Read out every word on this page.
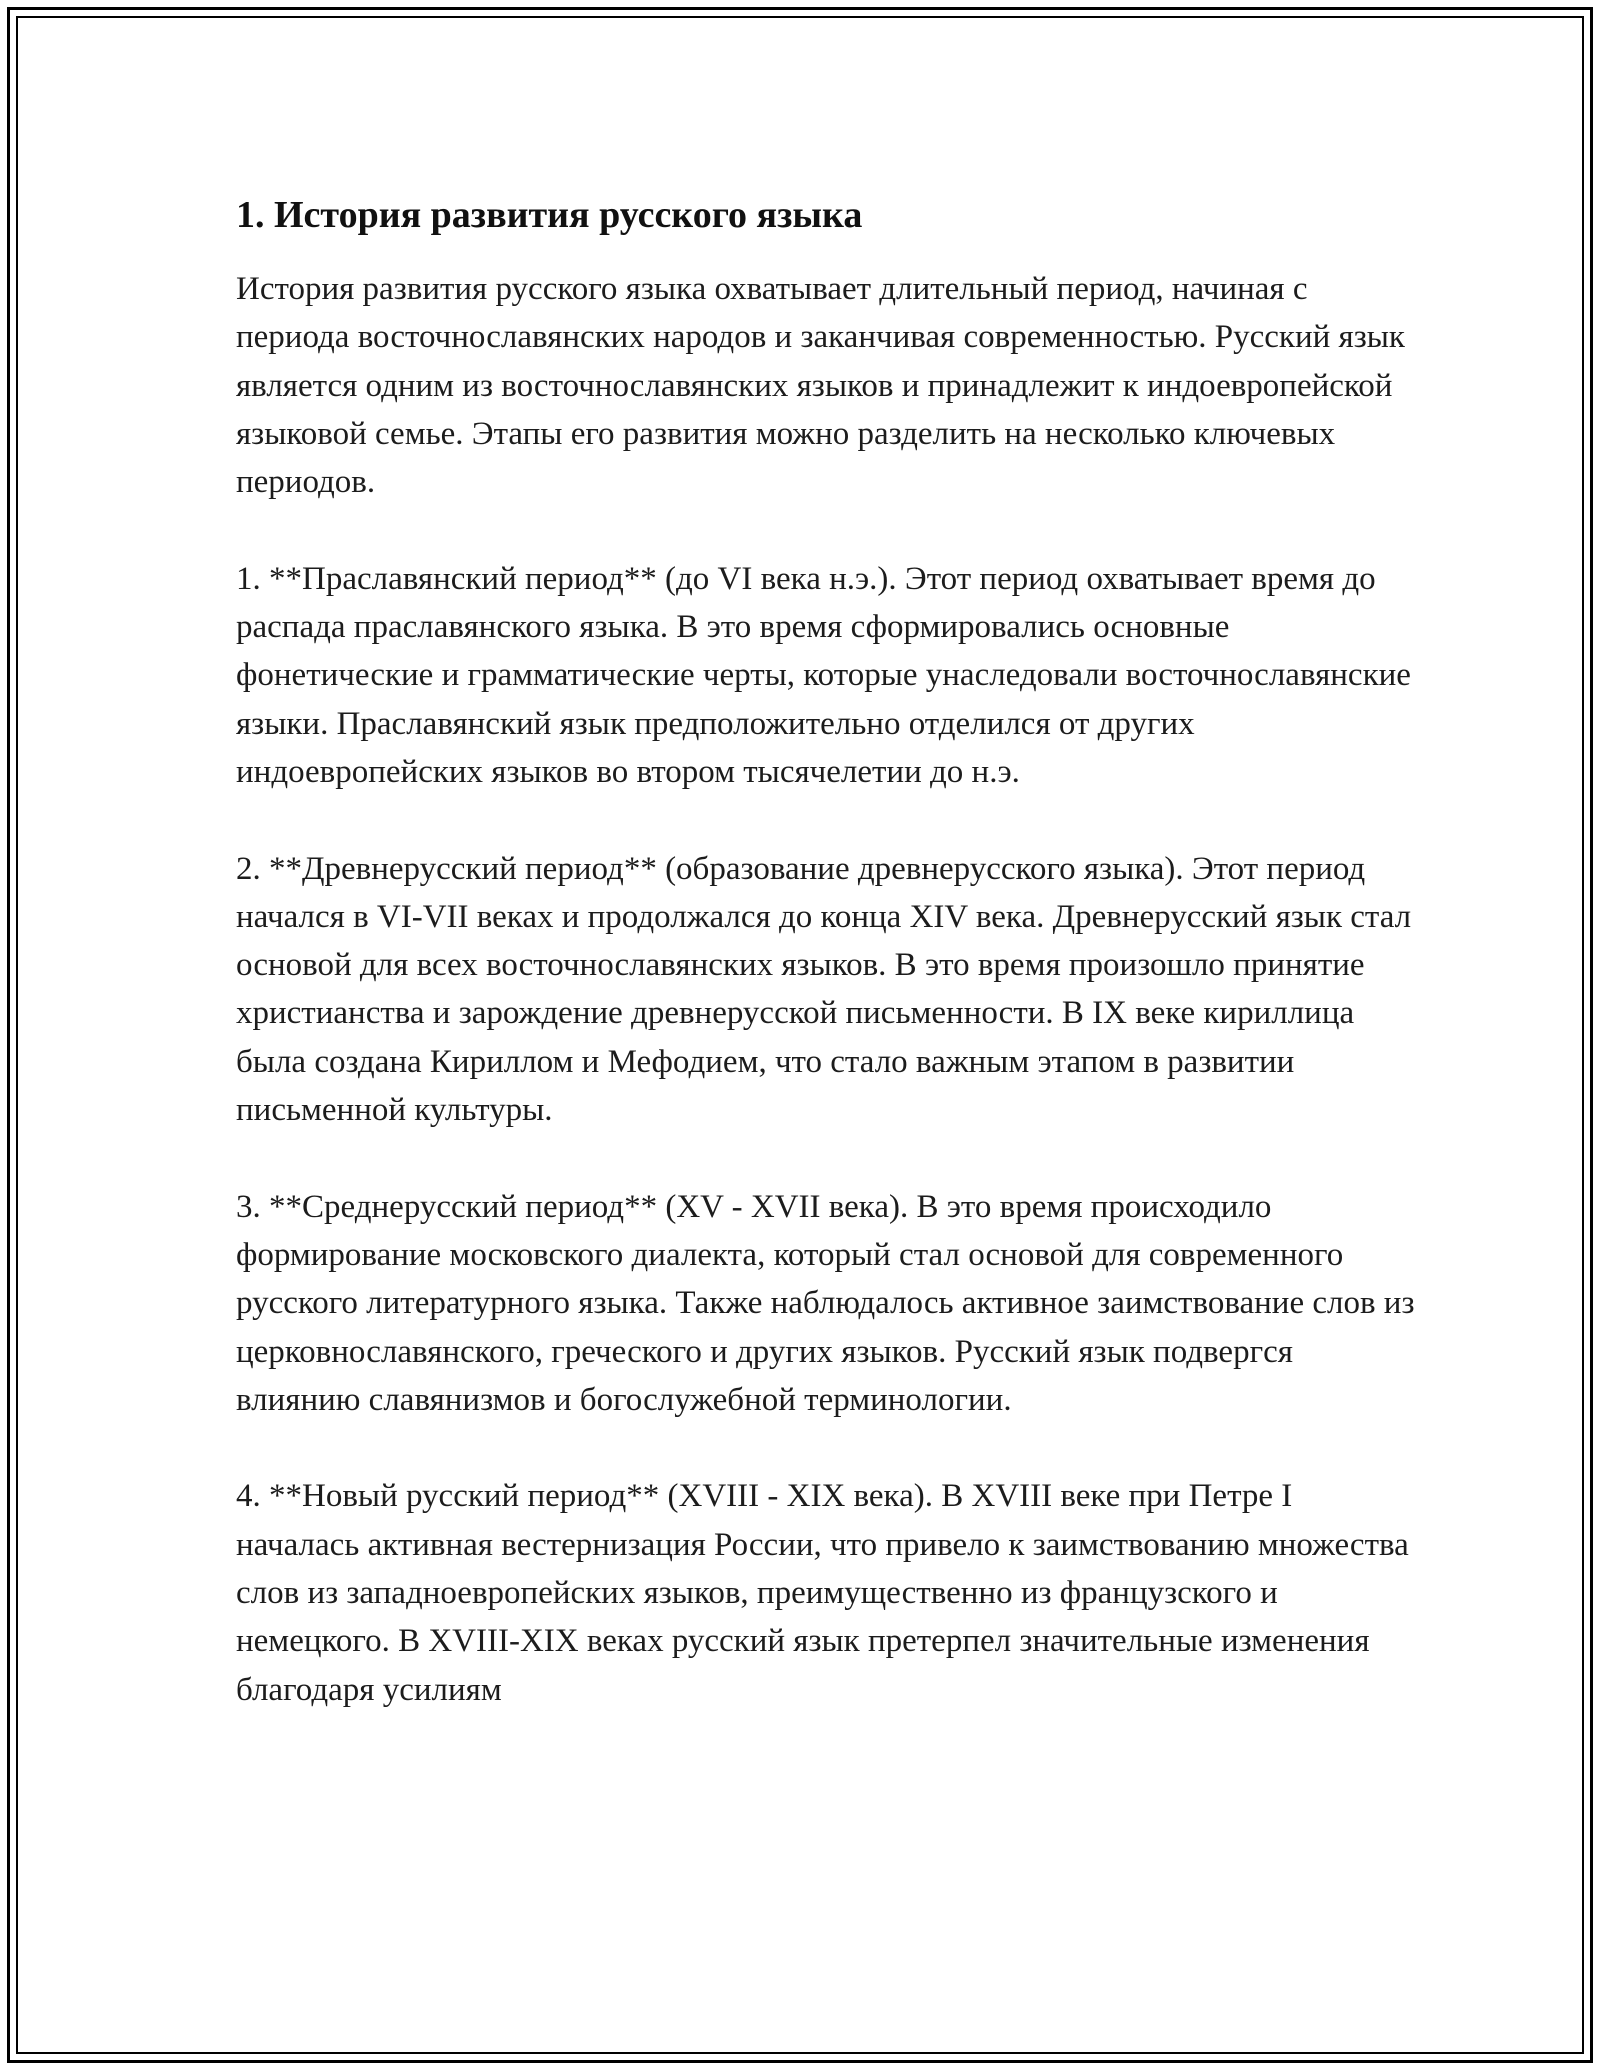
1. История развития русского языка

История развития русского языка охватывает длительный период, начиная с периода восточнославянских народов и заканчивая современностью. Русский язык является одним из восточнославянских языков и принадлежит к индоевропейской языковой семье. Этапы его развития можно разделить на несколько ключевых периодов.

1. **Праславянский период** (до VI века н.э.). Этот период охватывает время до распада праславянского языка. В это время сформировались основные фонетические и грамматические черты, которые унаследовали восточнославянские языки. Праславянский язык предположительно отделился от других индоевропейских языков во втором тысячелетии до н.э.

2. **Древнерусский период** (образование древнерусского языка). Этот период начался в VI-VII веках и продолжался до конца XIV века. Древнерусский язык стал основой для всех восточнославянских языков. В это время произошло принятие христианства и зарождение древнерусской письменности. В IX веке кириллица была создана Кириллом и Мефодием, что стало важным этапом в развитии письменной культуры.

3. **Среднерусский период** (XV - XVII века). В это время происходило формирование московского диалекта, который стал основой для современного русского литературного языка. Также наблюдалось активное заимствование слов из церковнославянского, греческого и других языков. Русский язык подвергся влиянию славянизмов и богослужебной терминологии.

4. **Новый русский период** (XVIII - XIX века). В XVIII веке при Петре I началась активная вестернизация России, что привело к заимствованию множества слов из западноевропейских языков, преимущественно из французского и немецкого. В XVIII-XIX веках русский язык претерпел значительные изменения благодаря усилиям
